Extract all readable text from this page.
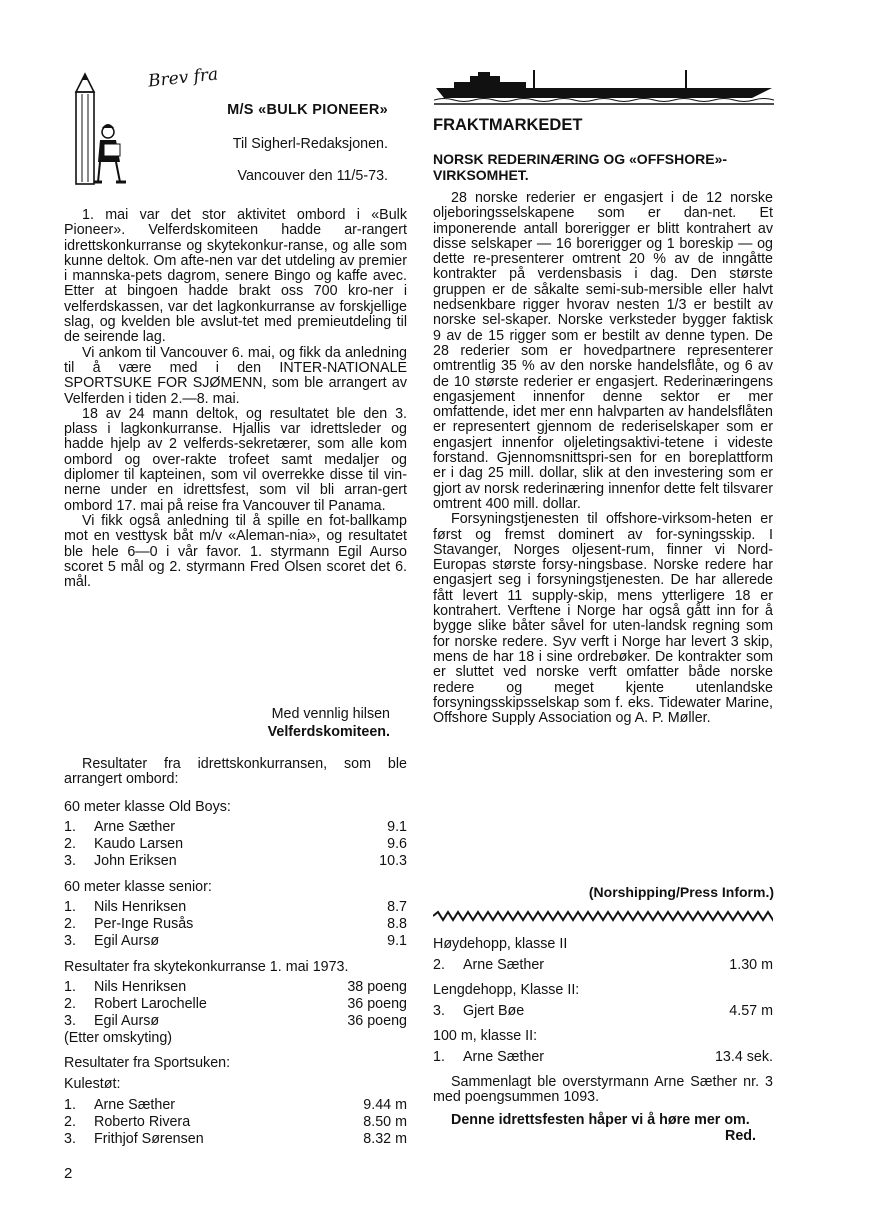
Brev fra
M/S «BULK PIONEER»
Til Sigherl-Redaksjonen.
Vancouver den 11/5-73.

1. mai var det stor aktivitet ombord i «Bulk Pioneer». Velferdskomiteen hadde ar-rangert idrettskonkurranse og skytekonkur-ranse, og alle som kunne deltok. Om afte-nen var det utdeling av premier i mannska-pets dagrom, senere Bingo og kaffe avec. Etter at bingoen hadde brakt oss 700 kro-ner i velferdskassen, var det lagkonkurranse av forskjellige slag, og kvelden ble avslut-tet med premieutdeling til de seirende lag.

Vi ankom til Vancouver 6. mai, og fikk da anledning til å være med i den INTER-NATIONALE SPORTSUKE FOR SJØMENN, som ble arrangert av Velferden i tiden 2.—8. mai.

18 av 24 mann deltok, og resultatet ble den 3. plass i lagkonkurranse. Hjallis var idrettsleder og hadde hjelp av 2 velferds-sekretærer, som alle kom ombord og over-rakte trofeet samt medaljer og diplomer til kapteinen, som vil overrekke disse til vin-nerne under en idrettsfest, som vil bli arran-gert ombord 17. mai på reise fra Vancouver til Panama.

Vi fikk også anledning til å spille en fot-ballkamp mot en vesttysk båt m/v «Aleman-nia», og resultatet ble hele 6—0 i vår favor. 1. styrmann Egil Aurso scoret 5 mål og 2. styrmann Fred Olsen scoret det 6. mål.

Med vennlig hilsen
Velferdskomiteen.

Resultater fra idrettskonkurransen, som ble arrangert ombord:

60 meter klasse Old Boys:
1. Arne Sæther	9.1
2. Kaudo Larsen	9.6
3. John Eriksen	10.3
60 meter klasse senior:
1. Nils Henriksen	8.7
2. Per-Inge Rusås	8.8
3. Egil Aursø	9.1
Resultater fra skytekonkurranse 1. mai 1973.
1. Nils Henriksen	38 poeng
2. Robert Larochelle	36 poeng
3. Egil Aursø	36 poeng
(Etter omskyting)
Resultater fra Sportsuken:
Kulestøt:
1. Arne Sæther	9.44 m
2. Roberto Rivera	8.50 m
3. Frithjof Sørensen	8.32 m
2
FRAKTMARKEDET
NORSK REDERINÆRING OG «OFFSHORE»-VIRKSOMHET.

28 norske rederier er engasjert i de 12 norske oljeboringsselskapene som er dan-net. Et imponerende antall borerigger er blitt kontrahert av disse selskaper — 16 borerigger og 1 boreskip — og dette re-presenterer omtrent 20 % av de inngåtte kontrakter på verdensbasis i dag. Den største gruppen er de såkalte semi-sub-mersible eller halvt nedsenkbare rigger hvorav nesten 1/3 er bestilt av norske sel-skaper. Norske verksteder bygger faktisk 9 av de 15 rigger som er bestilt av denne typen. De 28 rederier som er hovedpartnere representerer omtrentlig 35 % av den norske handelsflåte, og 6 av de 10 største rederier er engasjert. Rederinæringens engasjement innenfor denne sektor er mer omfattende, idet mer enn halvparten av handelsflåten er representert gjennom de rederiselskaper som er engasjert innenfor oljeletingsaktivi-tetene i videste forstand. Gjennomsnittspri-sen for en boreplattform er i dag 25 mill. dollar, slik at den investering som er gjort av norsk rederinæring innenfor dette felt tilsvarer omtrent 400 mill. dollar.

Forsyningstjenesten til offshore-virksom-heten er først og fremst dominert av for-syningsskip. I Stavanger, Norges oljesent-rum, finner vi Nord-Europas største forsy-ningsbase. Norske redere har engasjert seg i forsyningstjenesten. De har allerede fått levert 11 supply-skip, mens ytterligere 18 er kontrahert. Verftene i Norge har også gått inn for å bygge slike båter såvel for uten-landsk regning som for norske redere. Syv verft i Norge har levert 3 skip, mens de har 18 i sine ordrebøker. De kontrakter som er sluttet ved norske verft omfatter både norske redere og meget kjente utenlandske forsyningsskipsselskap som f. eks. Tidewater Marine, Offshore Supply Association og A. P. Møller.

(Norshipping/Press Inform.)
Høydehopp, klasse II
2. Arne Sæther	1.30 m
Lengdehopp, Klasse II:
3. Gjert Bøe	4.57 m
100 m, klasse II:
1. Arne Sæther	13.4 sek.

Sammenlagt ble overstyrmann Arne Sæther nr. 3 med poengsummen 1093.

Denne idrettsfesten håper vi å høre mer om.

Red.
